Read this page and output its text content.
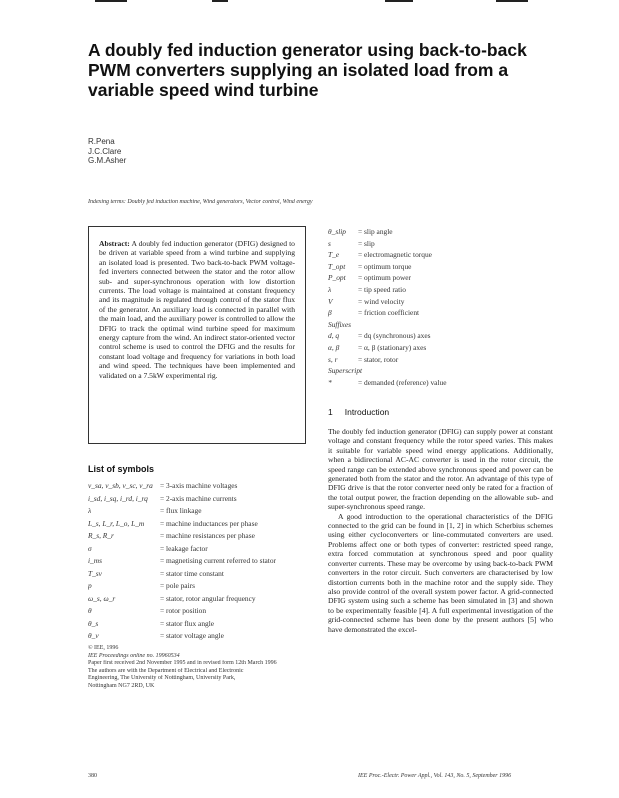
A doubly fed induction generator using back-to-back PWM converters supplying an isolated load from a variable speed wind turbine
R.Pena
J.C.Clare
G.M.Asher
Indexing terms: Doubly fed induction machine, Wind generators, Vector control, Wind energy
Abstract: A doubly fed induction generator (DFIG) designed to be driven at variable speed from a wind turbine and supplying an isolated load is presented. Two back-to-back PWM voltage-fed inverters connected between the stator and the rotor allow sub- and super-synchronous operation with low distortion currents. The load voltage is maintained at constant frequency and its magnitude is regulated through control of the stator flux of the generator. An auxiliary load is connected in parallel with the main load, and the auxiliary power is controlled to allow the DFIG to track the optimal wind turbine speed for maximum energy capture from the wind. An indirect stator-oriented vector control scheme is used to control the DFIG and the results for constant load voltage and frequency for variations in both load and wind speed. The techniques have been implemented and validated on a 7.5kW experimental rig.
List of symbols
v_sa, v_sb, v_sc, v_ra = 3-axis machine voltages
i_sd, i_sq, i_rd, i_rq	= 2-axis machine currents
λ	= flux linkage
L_s, L_r, L_o, L_m	= machine inductances per phase
R_s, R_r	= machine resistances per phase
σ	= leakage factor
i_ms	= magnetising current referred to stator
T_sv	= stator time constant
p	= pole pairs
ω_s, ω_r	= stator, rotor angular frequency
θ	= rotor position
θ_s	= stator flux angle
θ_v	= stator voltage angle
© IEE, 1996
IEE Proceedings online no. 19960534
Paper first received 2nd November 1995 and in revised form 12th March 1996
The authors are with the Department of Electrical and Electronic
Engineering, The University of Nottingham, University Park,
Nottingham NG7 2RD, UK
380
θ_slip	= slip angle
s	= slip
T_e	= electromagnetic torque
T_opt	= optimum torque
P_opt	= optimum power
λ	= tip speed ratio
V	= wind velocity
β	= friction coefficient
Suffixes
d, q	= dq (synchronous) axes
α, β	= α, β (stationary) axes
s, r	= stator, rotor
Superscript
*	= demanded (reference) value
1 Introduction

The doubly fed induction generator (DFIG) can supply power at constant voltage and constant frequency while the rotor speed varies. This makes it suitable for variable speed wind energy applications. Additionally, when a bidirectional AC-AC converter is used in the rotor circuit, the speed range can be extended above synchronous speed and power can be generated both from the stator and the rotor. An advantage of this type of DFIG drive is that the rotor converter need only be rated for a fraction of the total output power, the fraction depending on the allowable sub- and super-synchronous speed range.

A good introduction to the operational characteristics of the DFIG connected to the grid can be found in [1, 2] in which Scherbius schemes using either cycloconverters or line-commutated converters are used. Problems affect one or both types of converter: restricted speed range, extra forced commutation at synchronous speed and poor quality converter currents. These may be overcome by using back-to-back PWM converters in the rotor circuit. Such converters are characterised by low distortion currents both in the machine rotor and the supply side. They also provide control of the overall system power factor. A grid-connected DFIG system using such a scheme has been simulated in [3] and shown to be experimentally feasible [4]. A full experimental investigation of the grid-connected scheme has been done by the present authors [5] who have demonstrated the excel-

IEE Proc.-Electr. Power Appl., Vol. 143, No. 5, September 1996
